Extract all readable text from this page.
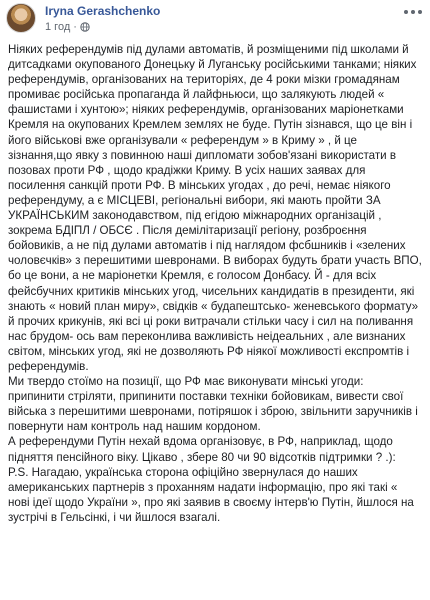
Iryna Gerashchenko
1 год ·
Ніяких референдумів під дулами автоматів, й розміщеними під школами й дитсадками окупованого Донецьку й Луганську російськими танками; ніяких референдумів, організованих на територіях, де 4 роки мізки громадянам промиває російська пропаганда й лайфньюси, що залякують людей « фашистами і хунтою»; ніяких референдумів, організованих маріонетками Кремля на окупованих Кремлем землях не буде. Путін зізнався, що це він і його військові вже організували « референдум » в Криму » , й це зізнання,що явку з повинною наші дипломати зобов'язані використати в позовах проти РФ , щодо крадіжки Криму. В усіх наших заявах для посилення санкцій проти РФ. В мінських угодах , до речі, немає ніякого референдуму, а є МІСЦЕВІ, регіональні вибори, які мають пройти ЗА УКРАЇНСЬКИМ законодавством, під егідою міжнародних організацій , зокрема БДІПЛ / ОБСЄ . Після демілітаризації регіону, розброєння бойовиків, а не під дулами автоматів і під наглядом фсбшників і «зелених чоловєчків» з перешитими шевронами. В виборах будуть брати участь ВПО, бо це вони, а не маріонетки Кремля, є голосом Донбасу. Й - для всіх фейсбучних критиків мінських угод, чисельних кандидатів в президенти, які знають « новий план миру», свідків « будапештсько- женевського формату» й прочих крикунів, які всі ці роки витрачали стільки часу і сил на поливання нас брудом- ось вам переконлива важливість неідеальних , але визнаних світом, мінських угод, які не дозволяють РФ ніякої можливості експромтів і референдумів.
Ми твердо стоїмо на позиції, що РФ має виконувати мінські угоди: припинити стріляти, припинити поставки техніки бойовикам, вивести свої війська з перешитими шевронами, потіряшок і зброю, звільнити заручників і повернути нам контроль над нашим кордоном.
А референдуми Путін нехай вдома організовує, в РФ, наприклад, щодо підняття пенсійного віку. Цікаво , збере 80 чи 90 відсотків підтримки ? .):
P.S. Нагадаю, українська сторона офіційно звернулася до наших американських партнерів з проханням надати інформацію, про які такі « нові ідеї щодо України », про які заявив в своєму інтерв'ю Путін, йшлося на зустрічі в Гельсінкі, і чи йшлося взагалі.
